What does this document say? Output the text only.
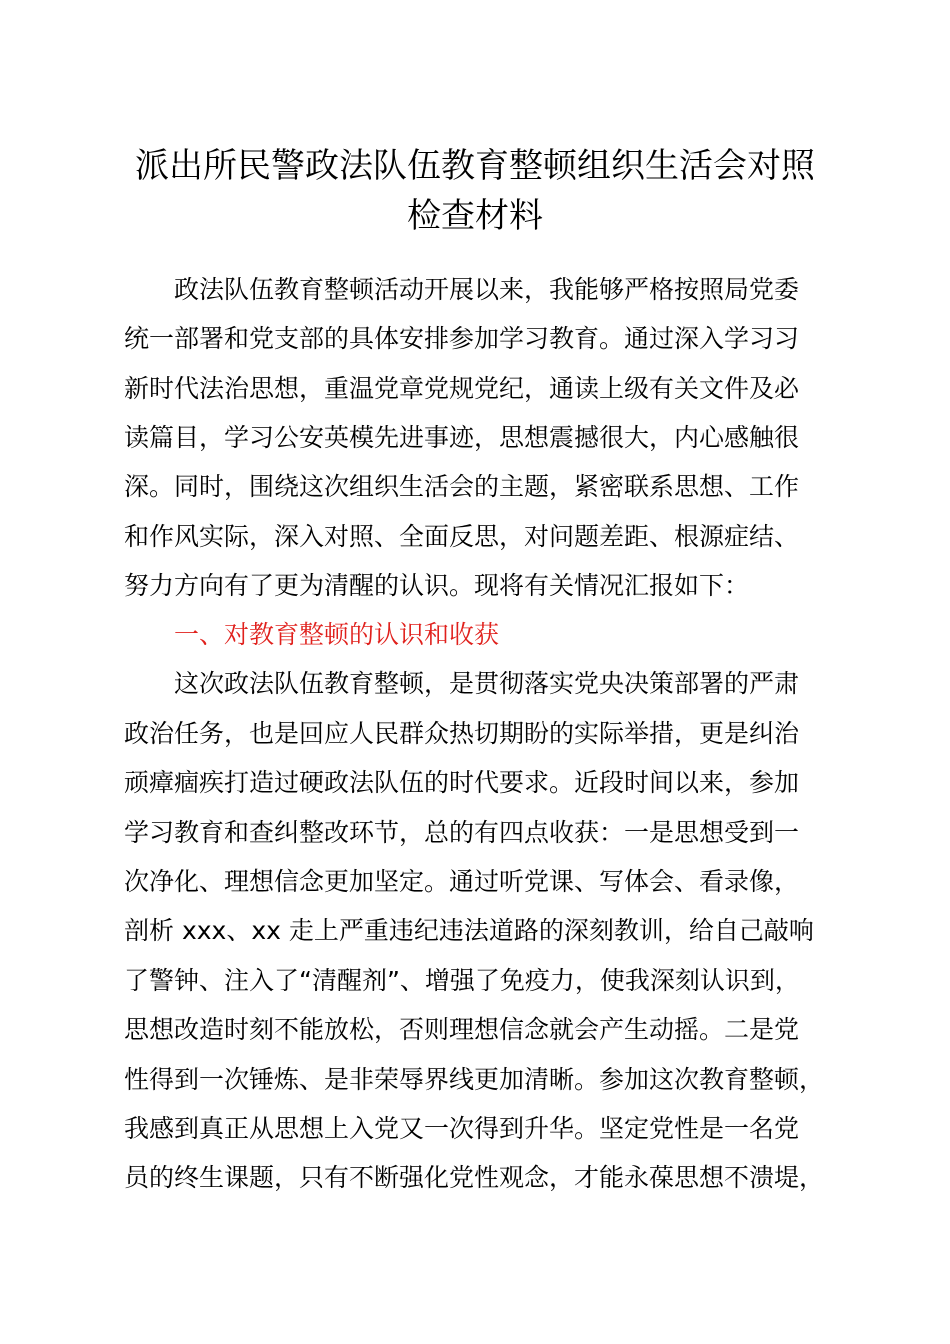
派出所民警政法队伍教育整顿组织生活会对照
检查材料

政法队伍教育整顿活动开展以来，我能够严格按照局党委

统一部署和党支部的具体安排参加学习教育。通过深入学习习

新时代法治思想，重温党章党规党纪，通读上级有关文件及必

读篇目，学习公安英模先进事迹，思想震撼很大，内心感触很

深。同时，围绕这次组织生活会的主题，紧密联系思想、工作

和作风实际，深入对照、全面反思，对问题差距、根源症结、

努力方向有了更为清醒的认识。现将有关情况汇报如下：

一、对教育整顿的认识和收获

这次政法队伍教育整顿，是贯彻落实党央决策部署的严肃

政治任务，也是回应人民群众热切期盼的实际举措，更是纠治

顽瘴痼疾打造过硬政法队伍的时代要求。近段时间以来，参加

学习教育和查纠整改环节，总的有四点收获：一是思想受到一

次净化、理想信念更加坚定。通过听党课、写体会、看录像，

剖析 xxx、xx 走上严重违纪违法道路的深刻教训，给自己敲响

了警钟、注入了“清醒剂”、增强了免疫力，使我深刻认识到，

思想改造时刻不能放松，否则理想信念就会产生动摇。二是党

性得到一次锤炼、是非荣辱界线更加清晰。参加这次教育整顿，

我感到真正从思想上入党又一次得到升华。坚定党性是一名党

员的终生课题，只有不断强化党性观念，才能永葆思想不溃堤，
